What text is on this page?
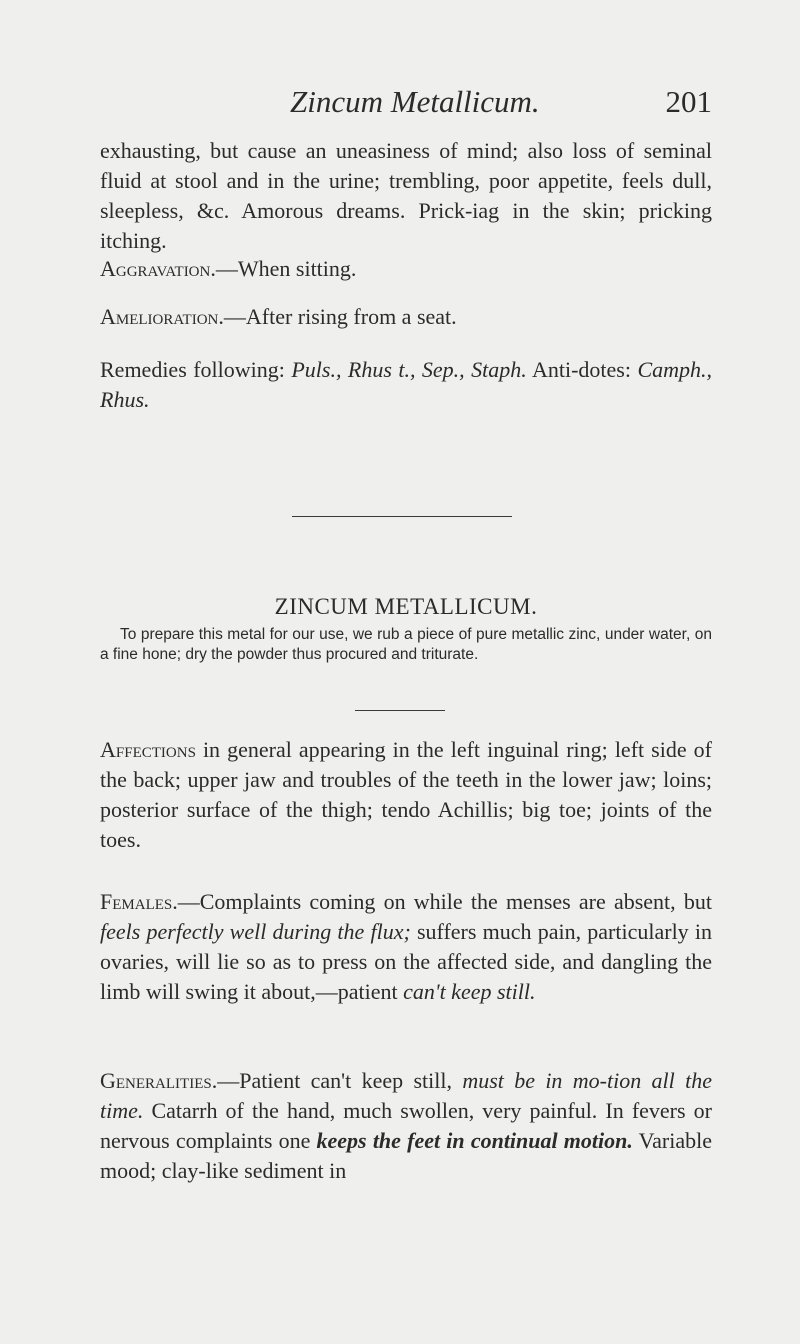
Zincum Metallicum.	201
exhausting, but cause an uneasiness of mind; also loss of seminal fluid at stool and in the urine; trembling, poor appetite, feels dull, sleepless, &c. Amorous dreams. Prick-iag in the skin; pricking itching.
Aggravation.—When sitting.
Amelioration.—After rising from a seat.
Remedies following: Puls., Rhus t., Sep., Staph. Anti-dotes: Camph., Rhus.
ZINCUM METALLICUM.
To prepare this metal for our use, we rub a piece of pure metallic zinc, under water, on a fine hone; dry the powder thus procured and triturate.
Affections in general appearing in the left inguinal ring; left side of the back; upper jaw and troubles of the teeth in the lower jaw; loins; posterior surface of the thigh; tendo Achillis; big toe; joints of the toes.
Females.—Complaints coming on while the menses are absent, but feels perfectly well during the flux; suffers much pain, particularly in ovaries, will lie so as to press on the affected side, and dangling the limb will swing it about,—patient can't keep still.
Generalities.—Patient can't keep still, must be in mo-tion all the time. Catarrh of the hand, much swollen, very painful. In fevers or nervous complaints one keeps the feet in continual motion. Variable mood; clay-like sediment in
